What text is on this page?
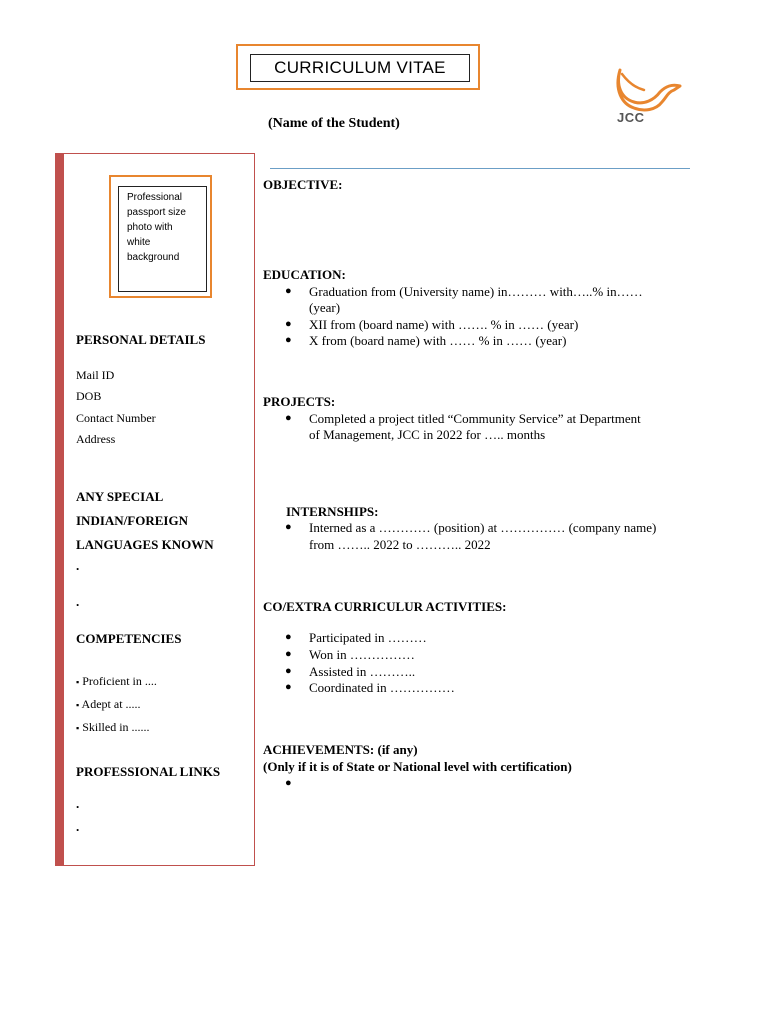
CURRICULUM VITAE
(Name of the Student)	JCC
Professional passport size photo with white background
PERSONAL DETAILS
Mail ID
DOB
Contact Number
Address
ANY SPECIAL
INDIAN/FOREIGN
LANGUAGES KNOWN
.
.
COMPETENCIES
▪ Proficient in ....
▪ Adept at .....
▪ Skilled in ......
PROFESSIONAL LINKS
.
.
OBJECTIVE:
EDUCATION:
● Graduation from (University name) in……… with…..% in……
(year)
● XII from (board name) with ……. % in …… (year)
● X from (board name) with …… % in …… (year)
PROJECTS:
● Completed a project titled “Community Service” at Department
of Management, JCC in 2022 for ….. months
INTERNSHIPS:
● Interned as a ………… (position) at …………… (company name)
from …….. 2022 to ……….. 2022
CO/EXTRA CURRICULUR ACTIVITIES:
● Participated in ………
● Won in ……………
● Assisted in ………..
● Coordinated in ……………
ACHIEVEMENTS: (if any)
(Only if it is of State or National level with certification)
●
